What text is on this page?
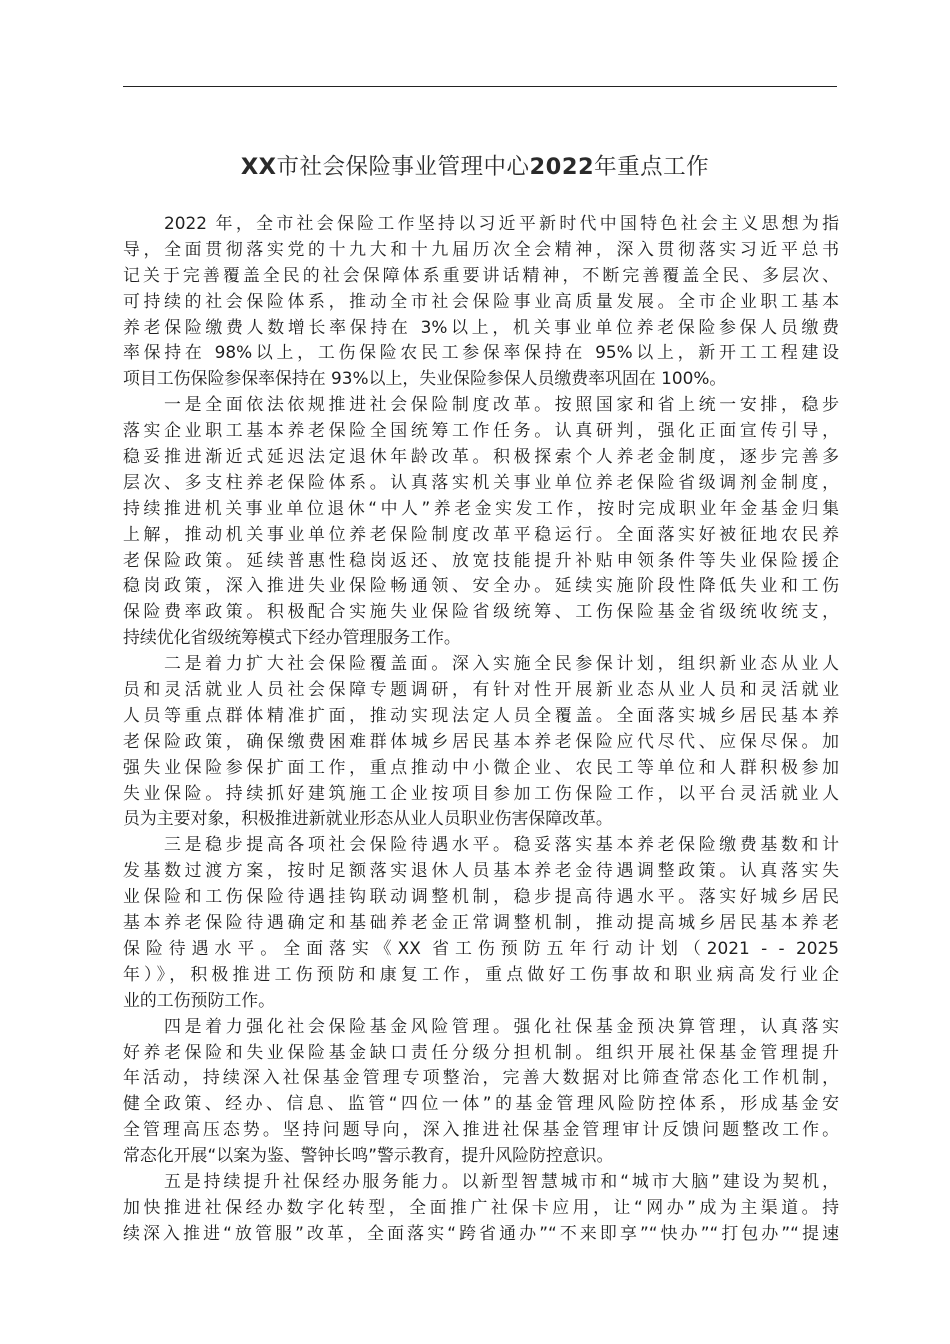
XX市社会保险事业管理中心2022年重点工作
2022 年，全市社会保险工作坚持以习近平新时代中国特色社会主义思想为指
导，全面贯彻落实党的十九大和十九届历次全会精神，深入贯彻落实习近平总书
记关于完善覆盖全民的社会保障体系重要讲话精神，不断完善覆盖全民、多层次、
可持续的社会保险体系，推动全市社会保险事业高质量发展。全市企业职工基本
养老保险缴费人数增长率保持在 3%以上，机关事业单位养老保险参保人员缴费
率保持在 98%以上，工伤保险农民工参保率保持在 95%以上，新开工工程建设
项目工伤保险参保率保持在 93%以上，失业保险参保人员缴费率巩固在 100%。
一是全面依法依规推进社会保险制度改革。按照国家和省上统一安排，稳步
落实企业职工基本养老保险全国统筹工作任务。认真研判，强化正面宣传引导，
稳妥推进渐近式延迟法定退休年龄改革。积极探索个人养老金制度，逐步完善多
层次、多支柱养老保险体系。认真落实机关事业单位养老保险省级调剂金制度，
持续推进机关事业单位退休“中人”养老金实发工作，按时完成职业年金基金归集
上解，推动机关事业单位养老保险制度改革平稳运行。全面落实好被征地农民养
老保险政策。延续普惠性稳岗返还、放宽技能提升补贴申领条件等失业保险援企
稳岗政策，深入推进失业保险畅通领、安全办。延续实施阶段性降低失业和工伤
保险费率政策。积极配合实施失业保险省级统筹、工伤保险基金省级统收统支，
持续优化省级统筹模式下经办管理服务工作。
二是着力扩大社会保险覆盖面。深入实施全民参保计划，组织新业态从业人
员和灵活就业人员社会保障专题调研，有针对性开展新业态从业人员和灵活就业
人员等重点群体精准扩面，推动实现法定人员全覆盖。全面落实城乡居民基本养
老保险政策，确保缴费困难群体城乡居民基本养老保险应代尽代、应保尽保。加
强失业保险参保扩面工作，重点推动中小微企业、农民工等单位和人群积极参加
失业保险。持续抓好建筑施工企业按项目参加工伤保险工作，以平台灵活就业人
员为主要对象，积极推进新就业形态从业人员职业伤害保障改革。
三是稳步提高各项社会保险待遇水平。稳妥落实基本养老保险缴费基数和计
发基数过渡方案，按时足额落实退休人员基本养老金待遇调整政策。认真落实失
业保险和工伤保险待遇挂钩联动调整机制，稳步提高待遇水平。落实好城乡居民
基本养老保险待遇确定和基础养老金正常调整机制，推动提高城乡居民基本养老
保险待遇水平。全面落实《XX 省工伤预防五年行动计划（2021 - - 2025
年）》，积极推进工伤预防和康复工作，重点做好工伤事故和职业病高发行业企
业的工伤预防工作。
四是着力强化社会保险基金风险管理。强化社保基金预决算管理，认真落实
好养老保险和失业保险基金缺口责任分级分担机制。组织开展社保基金管理提升
年活动，持续深入社保基金管理专项整治，完善大数据对比筛查常态化工作机制，
健全政策、经办、信息、监管“四位一体”的基金管理风险防控体系，形成基金安
全管理高压态势。坚持问题导向，深入推进社保基金管理审计反馈问题整改工作。
常态化开展“以案为鉴、警钟长鸣”警示教育，提升风险防控意识。
五是持续提升社保经办服务能力。以新型智慧城市和“城市大脑”建设为契机，
加快推进社保经办数字化转型，全面推广社保卡应用，让“网办”成为主渠道。持
续深入推进“放管服”改革，全面落实“跨省通办”“不来即享”“快办”“打包办”“提速
